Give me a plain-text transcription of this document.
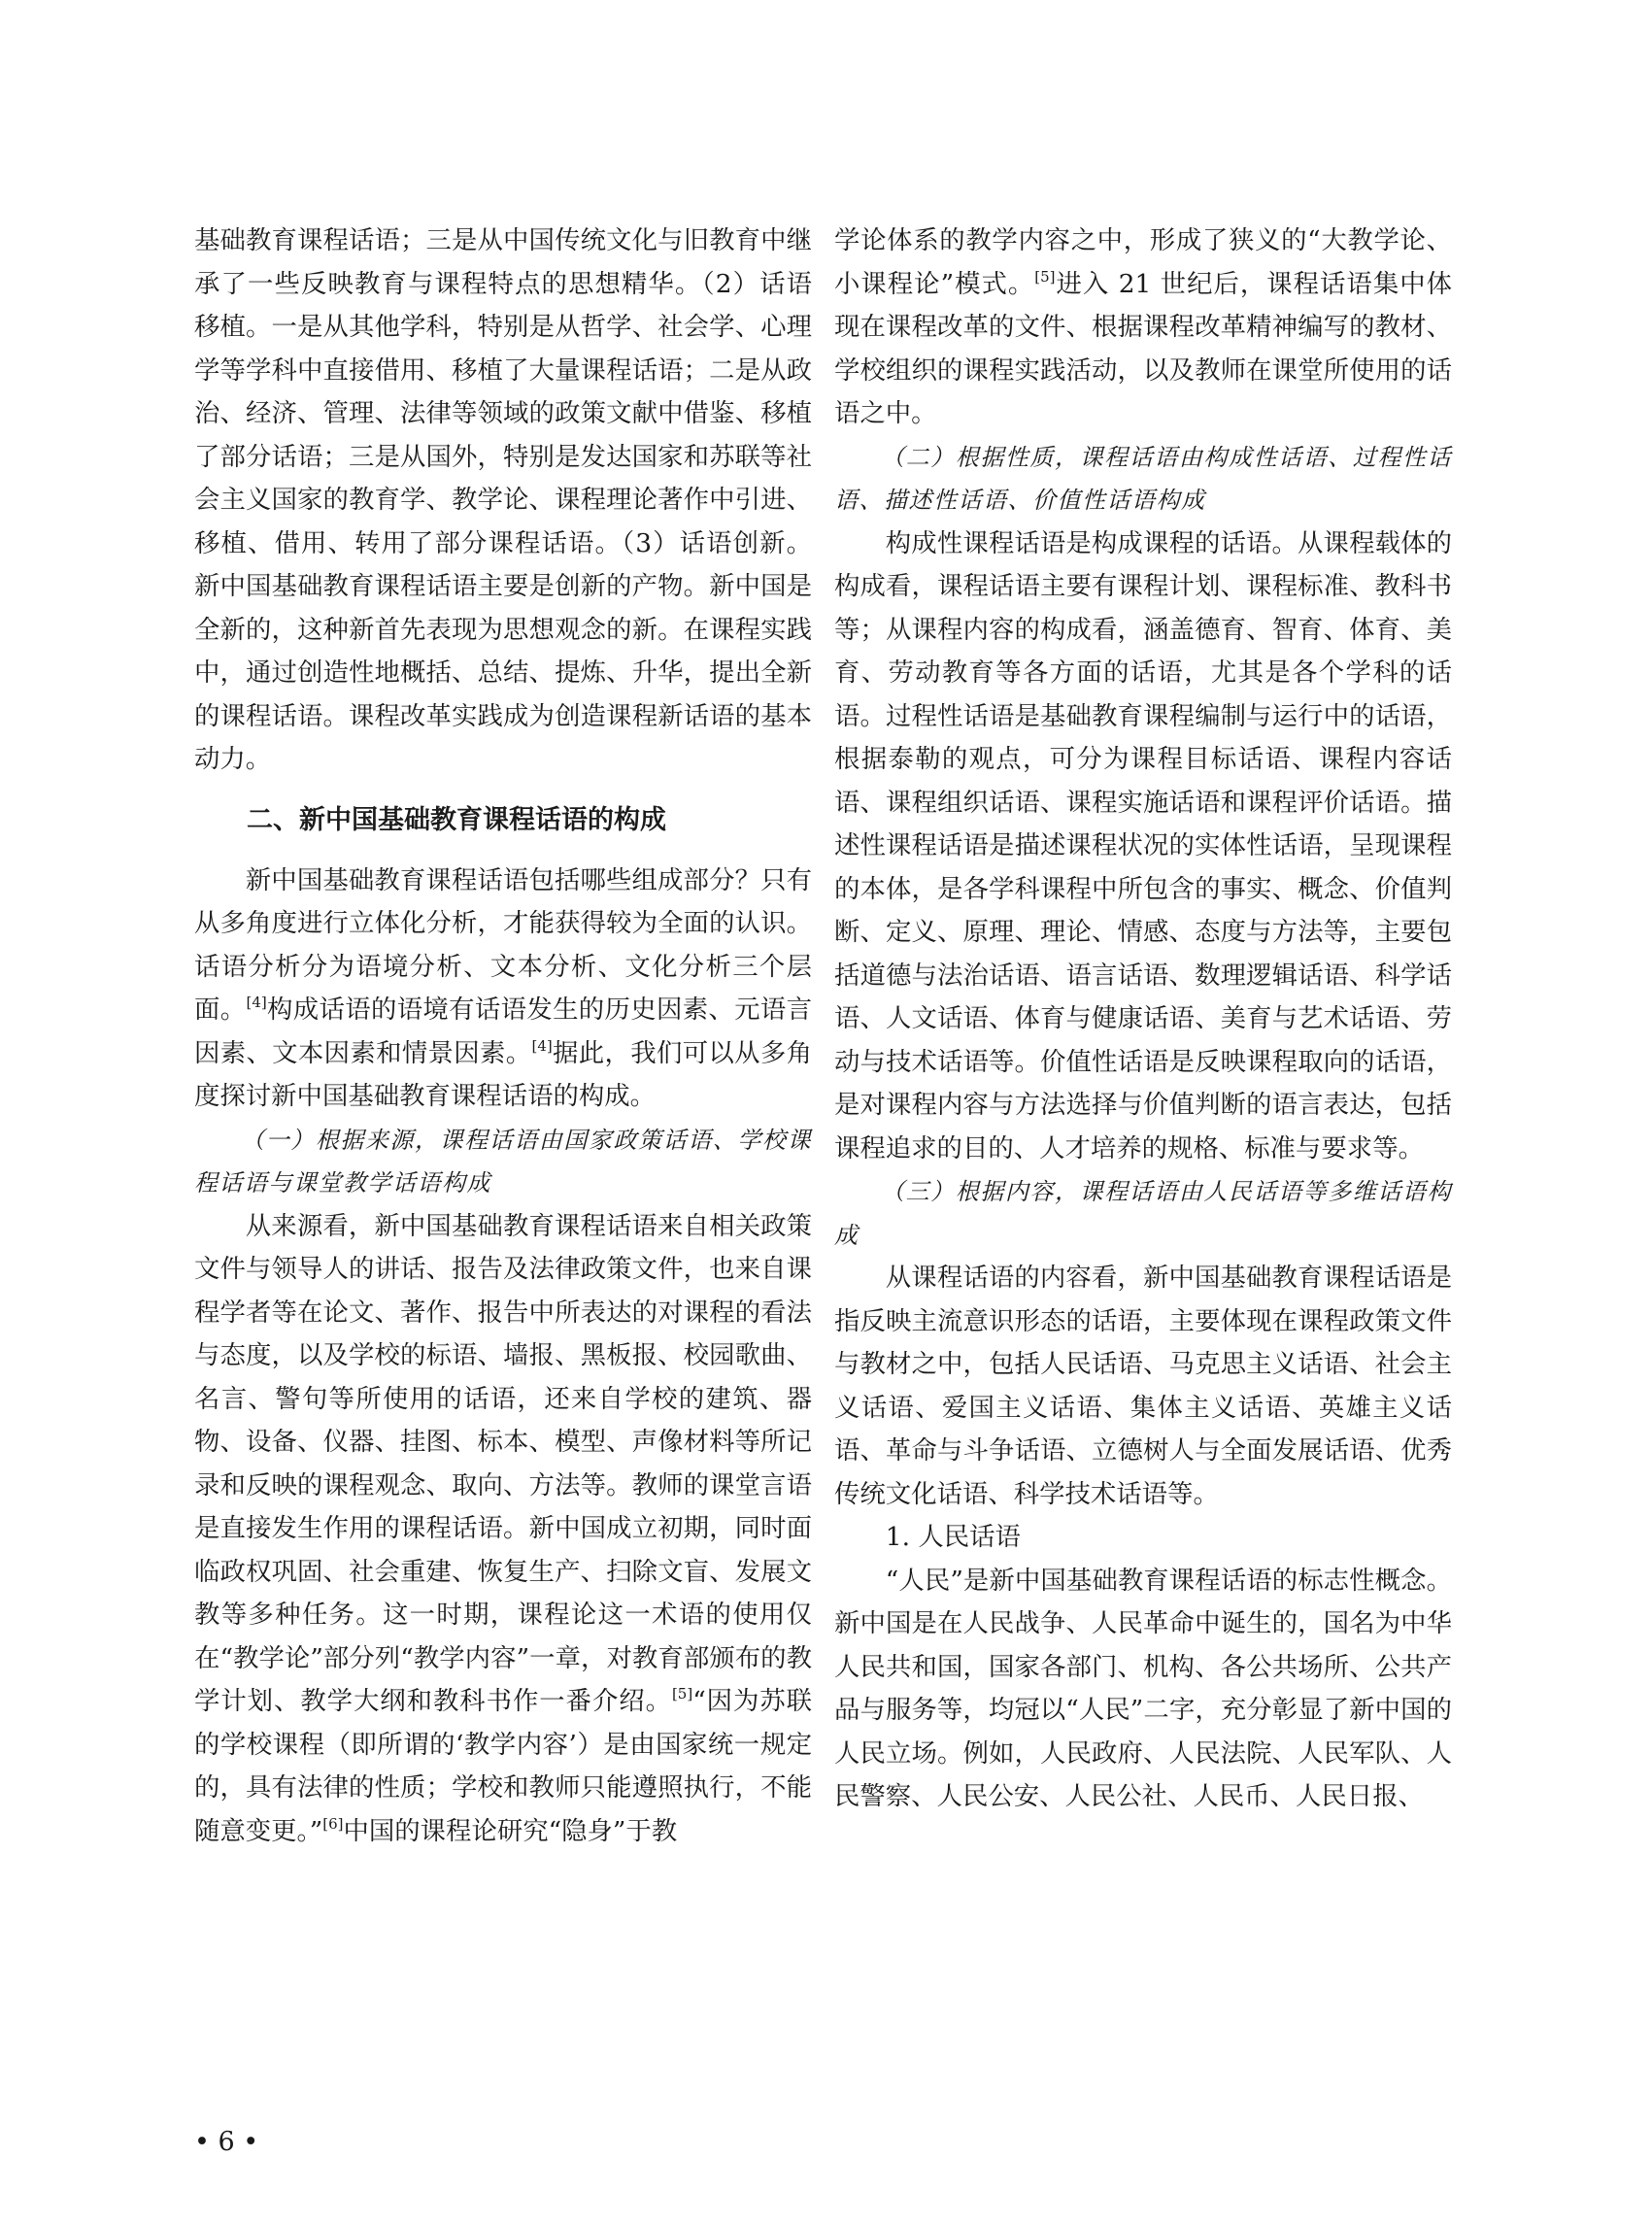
基础教育课程话语；三是从中国传统文化与旧教育中继承了一些反映教育与课程特点的思想精华。（2）话语移植。一是从其他学科，特别是从哲学、社会学、心理学等学科中直接借用、移植了大量课程话语；二是从政治、经济、管理、法律等领域的政策文献中借鉴、移植了部分话语；三是从国外，特别是发达国家和苏联等社会主义国家的教育学、教学论、课程理论著作中引进、移植、借用、转用了部分课程话语。（3）话语创新。新中国基础教育课程话语主要是创新的产物。新中国是全新的，这种新首先表现为思想观念的新。在课程实践中，通过创造性地概括、总结、提炼、升华，提出全新的课程话语。课程改革实践成为创造课程新话语的基本动力。

二、新中国基础教育课程话语的构成

新中国基础教育课程话语包括哪些组成部分？只有从多角度进行立体化分析，才能获得较为全面的认识。话语分析分为语境分析、文本分析、文化分析三个层面。[4]构成话语的语境有话语发生的历史因素、元语言因素、文本因素和情景因素。[4]据此，我们可以从多角度探讨新中国基础教育课程话语的构成。

（一）根据来源，课程话语由国家政策话语、学校课程话语与课堂教学话语构成

从来源看，新中国基础教育课程话语来自相关政策文件与领导人的讲话、报告及法律政策文件，也来自课程学者等在论文、著作、报告中所表达的对课程的看法与态度，以及学校的标语、墙报、黑板报、校园歌曲、名言、警句等所使用的话语，还来自学校的建筑、器物、设备、仪器、挂图、标本、模型、声像材料等所记录和反映的课程观念、取向、方法等。教师的课堂言语是直接发生作用的课程话语。新中国成立初期，同时面临政权巩固、社会重建、恢复生产、扫除文盲、发展文教等多种任务。这一时期，课程论这一术语的使用仅在“教学论”部分列“教学内容”一章，对教育部颁布的教学计划、教学大纲和教科书作一番介绍。[5]“因为苏联的学校课程（即所谓的‘教学内容’）是由国家统一规定的，具有法律的性质；学校和教师只能遵照执行，不能随意变更。”[6]中国的课程论研究“隐身”于教

学论体系的教学内容之中，形成了狭义的“大教学论、小课程论”模式。[5]进入 21 世纪后，课程话语集中体现在课程改革的文件、根据课程改革精神编写的教材、学校组织的课程实践活动，以及教师在课堂所使用的话语之中。

（二）根据性质，课程话语由构成性话语、过程性话语、描述性话语、价值性话语构成

构成性课程话语是构成课程的话语。从课程载体的构成看，课程话语主要有课程计划、课程标准、教科书等；从课程内容的构成看，涵盖德育、智育、体育、美育、劳动教育等各方面的话语，尤其是各个学科的话语。过程性话语是基础教育课程编制与运行中的话语，根据泰勒的观点，可分为课程目标话语、课程内容话语、课程组织话语、课程实施话语和课程评价话语。描述性课程话语是描述课程状况的实体性话语，呈现课程的本体，是各学科课程中所包含的事实、概念、价值判断、定义、原理、理论、情感、态度与方法等，主要包括道德与法治话语、语言话语、数理逻辑话语、科学话语、人文话语、体育与健康话语、美育与艺术话语、劳动与技术话语等。价值性话语是反映课程取向的话语，是对课程内容与方法选择与价值判断的语言表达，包括课程追求的目的、人才培养的规格、标准与要求等。

（三）根据内容，课程话语由人民话语等多维话语构成

从课程话语的内容看，新中国基础教育课程话语是指反映主流意识形态的话语，主要体现在课程政策文件与教材之中，包括人民话语、马克思主义话语、社会主义话语、爱国主义话语、集体主义话语、英雄主义话语、革命与斗争话语、立德树人与全面发展话语、优秀传统文化话语、科学技术话语等。

1. 人民话语

“人民”是新中国基础教育课程话语的标志性概念。新中国是在人民战争、人民革命中诞生的，国名为中华人民共和国，国家各部门、机构、各公共场所、公共产品与服务等，均冠以“人民”二字，充分彰显了新中国的人民立场。例如，人民政府、人民法院、人民军队、人民警察、人民公安、人民公社、人民币、人民日报、

• 6 •
